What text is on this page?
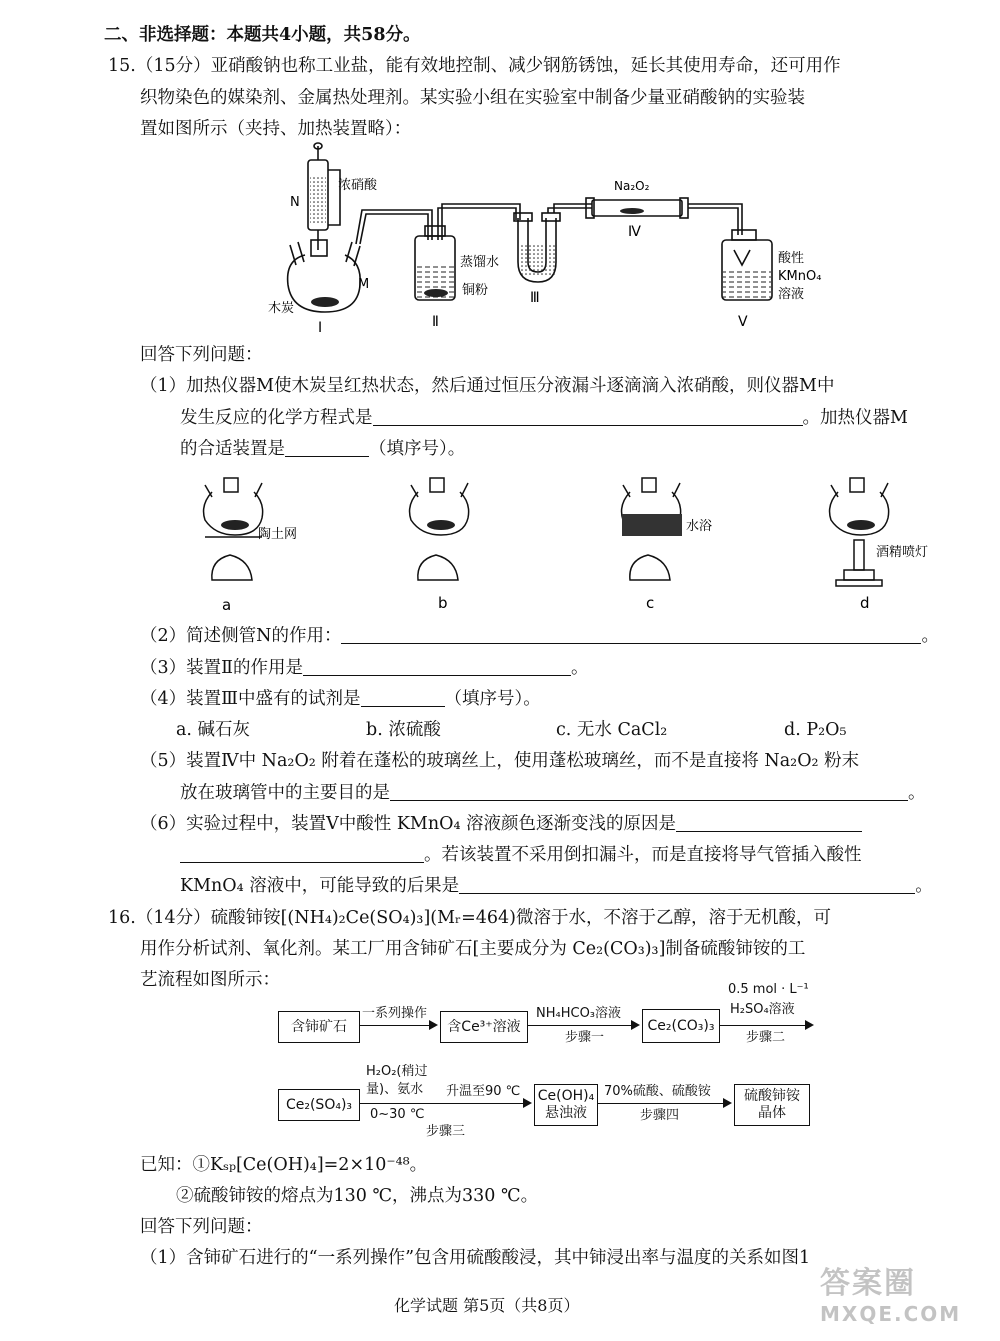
二、非选择题：本题共4小题，共58分。
15.（15分）亚硝酸钠也称工业盐，能有效地控制、减少钢筋锈蚀，延长其使用寿命，还可用作
织物染色的媒染剂、金属热处理剂。某实验小组在实验室中制备少量亚硝酸钠的实验装
置如图所示（夹持、加热装置略）：
浓硝酸
N
M
木炭
蒸馏水
铜粉
Na₂O₂
酸性
KMnO₄
溶液
Ⅰ	Ⅱ
Ⅲ
Ⅳ
Ⅴ
回答下列问题：
（1）加热仪器M使木炭呈红热状态，然后通过恒压分液漏斗逐滴滴入浓硝酸，则仪器M中
发生反应的化学方程式是	。加热仪器M
的合适装置是	（填序号）。
陶土网
水浴
酒精喷灯
a	b	c	d
（2）简述侧管N的作用：	。
（3）装置Ⅱ的作用是	。
（4）装置Ⅲ中盛有的试剂是	（填序号）。
a. 碱石灰	b. 浓硫酸	c. 无水 CaCl₂	d. P₂O₅
（5）装置Ⅳ中 Na₂O₂ 附着在蓬松的玻璃丝上，使用蓬松玻璃丝，而不是直接将 Na₂O₂ 粉末
放在玻璃管中的主要目的是	。
（6）实验过程中，装置Ⅴ中酸性 KMnO₄ 溶液颜色逐渐变浅的原因是
。若该装置不采用倒扣漏斗，而是直接将导气管插入酸性
KMnO₄ 溶液中，可能导致的后果是	。
16.（14分）硫酸铈铵[(NH₄)₂Ce(SO₄)₃](Mᵣ=464)微溶于水，不溶于乙醇，溶于无机酸，可
用作分析试剂、氧化剂。某工厂用含铈矿石[主要成分为 Ce₂(CO₃)₃]制备硫酸铈铵的工
艺流程如图所示：
含铈矿石
一系列操作
含Ce³⁺溶液
NH₄HCO₃溶液
步骤一
Ce₂(CO₃)₃
0.5 mol · L⁻¹
H₂SO₄溶液
步骤二
Ce₂(SO₄)₃
H₂O₂(稍过
量)、氨水
0~30 ℃
步骤三
升温至90 ℃ Ce(OH)₄
悬浊液
70%硫酸、硫酸铵
步骤四
硫酸铈铵
晶体
已知：①Kₛₚ[Ce(OH)₄]=2×10⁻⁴⁸。
②硫酸铈铵的熔点为130 ℃，沸点为330 ℃。
回答下列问题：
（1）含铈矿石进行的“一系列操作”包含用硫酸酸浸，其中铈浸出率与温度的关系如图1
化学试题 第5页（共8页）
答案圈
MXQE.COM
